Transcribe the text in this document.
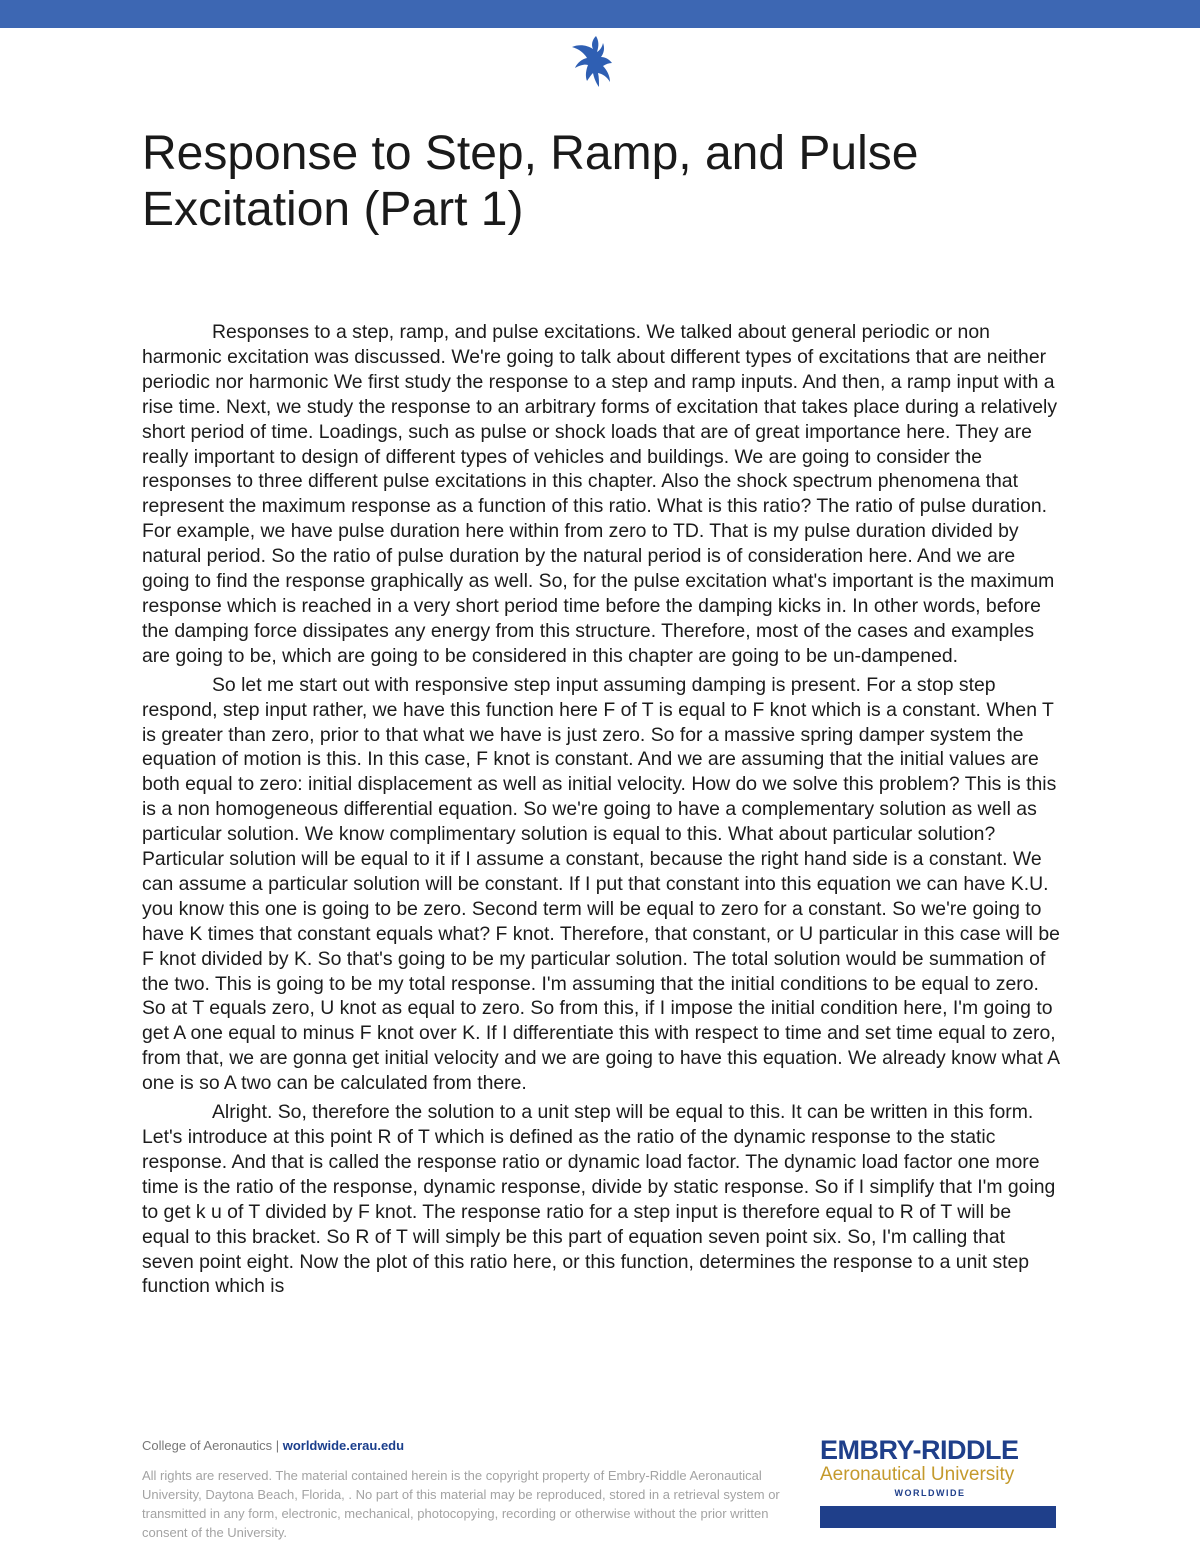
Response to Step, Ramp, and Pulse Excitation (Part 1)

Responses to a step, ramp, and pulse excitations. We talked about general periodic or non harmonic excitation was discussed. We're going to talk about different types of excitations that are neither periodic nor harmonic We first study the response to a step and ramp inputs. And then, a ramp input with a rise time. Next, we study the response to an arbitrary forms of excitation that takes place during a relatively short period of time. Loadings, such as pulse or shock loads that are of great importance here. They are really important to design of different types of vehicles and buildings. We are going to consider the responses to three different pulse excitations in this chapter. Also the shock spectrum phenomena that represent the maximum response as a function of this ratio. What is this ratio? The ratio of pulse duration. For example, we have pulse duration here within from zero to TD. That is my pulse duration divided by natural period. So the ratio of pulse duration by the natural period is of consideration here. And we are going to find the response graphically as well. So, for the pulse excitation what's important is the maximum response which is reached in a very short period time before the damping kicks in. In other words, before the damping force dissipates any energy from this structure. Therefore, most of the cases and examples are going to be, which are going to be considered in this chapter are going to be un-dampened.

So let me start out with responsive step input assuming damping is present. For a stop step respond, step input rather, we have this function here F of T is equal to F knot which is a constant. When T is greater than zero, prior to that what we have is just zero. So for a massive spring damper system the equation of motion is this. In this case, F knot is constant. And we are assuming that the initial values are both equal to zero: initial displacement as well as initial velocity. How do we solve this problem? This is this is a non homogeneous differential equation. So we're going to have a complementary solution as well as particular solution. We know complimentary solution is equal to this. What about particular solution? Particular solution will be equal to it if I assume a constant, because the right hand side is a constant. We can assume a particular solution will be constant. If I put that constant into this equation we can have K.U. you know this one is going to be zero. Second term will be equal to zero for a constant. So we're going to have K times that constant equals what? F knot. Therefore, that constant, or U particular in this case will be F knot divided by K. So that's going to be my particular solution. The total solution would be summation of the two. This is going to be my total response. I'm assuming that the initial conditions to be equal to zero. So at T equals zero, U knot as equal to zero. So from this, if I impose the initial condition here, I'm going to get A one equal to minus F knot over K. If I differentiate this with respect to time and set time equal to zero, from that, we are gonna get initial velocity and we are going to have this equation. We already know what A one is so A two can be calculated from there.

Alright. So, therefore the solution to a unit step will be equal to this. It can be written in this form. Let's introduce at this point R of T which is defined as the ratio of the dynamic response to the static response. And that is called the response ratio or dynamic load factor. The dynamic load factor one more time is the ratio of the response, dynamic response, divide by static response. So if I simplify that I'm going to get k u of T divided by F knot. The response ratio for a step input is therefore equal to R of T will be equal to this bracket. So R of T will simply be this part of equation seven point six. So, I'm calling that seven point eight. Now the plot of this ratio here, or this function, determines the response to a unit step function which is

College of Aeronautics | worldwide.erau.edu
All rights are reserved. The material contained herein is the copyright property of Embry-Riddle Aeronautical University, Daytona Beach, Florida, . No part of this material may be reproduced, stored in a retrieval system or transmitted in any form, electronic, mechanical, photocopying, recording or otherwise without the prior written consent of the University.
EMBRY-RIDDLE
Aeronautical University
WORLDWIDE
